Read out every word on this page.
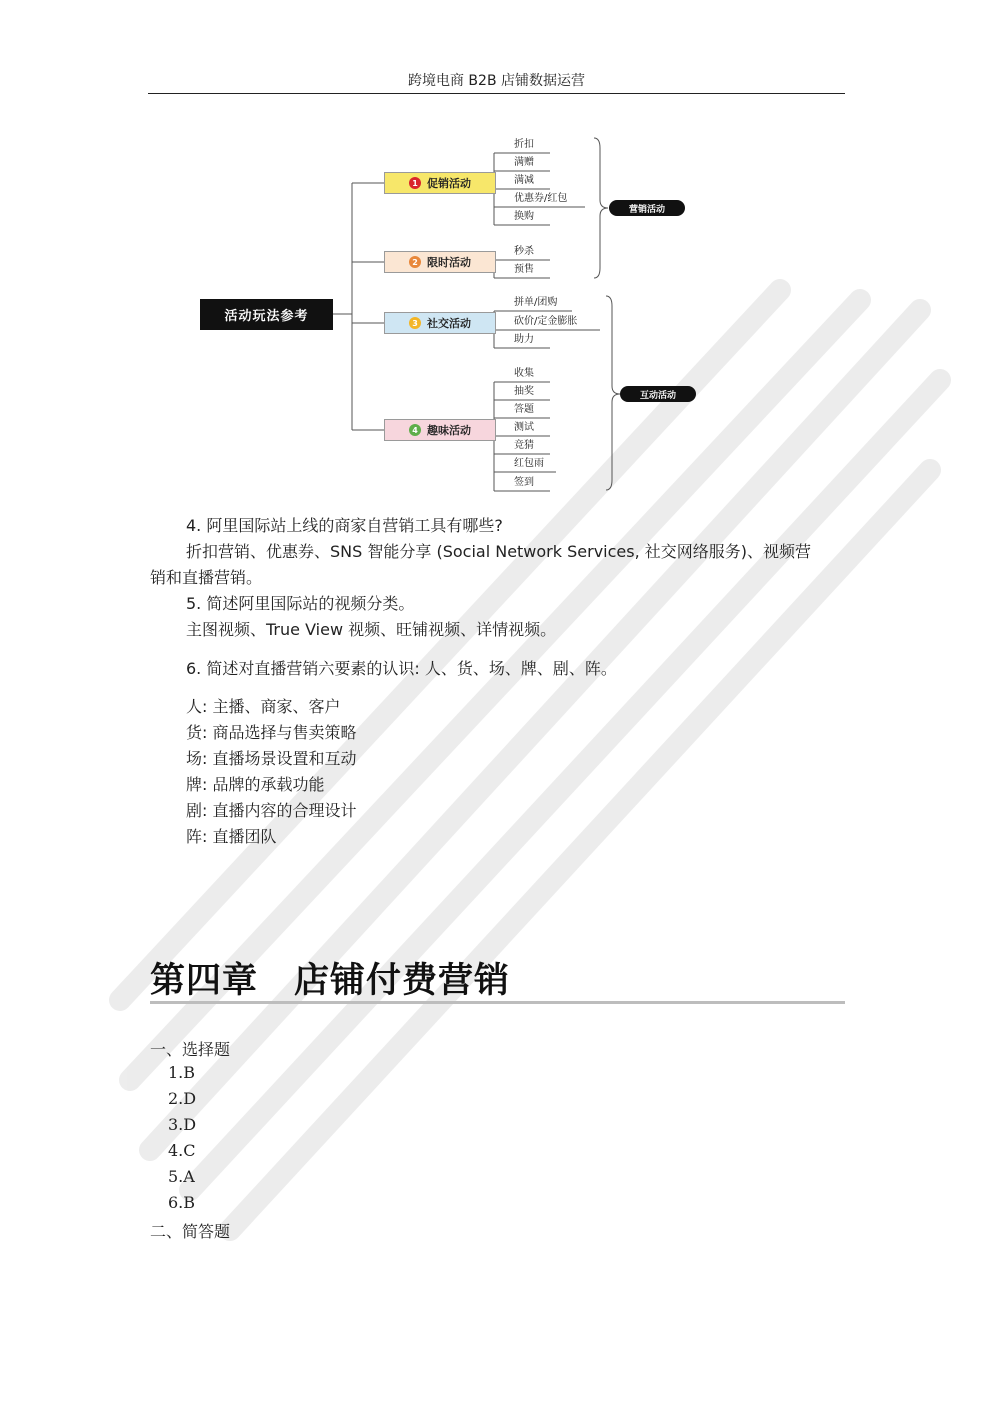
跨境电商 B2B 店铺数据运营
活动玩法参考
1 促销活动
2 限时活动
3 社交活动
4 趣味活动
折扣
满赠
满减
优惠券/红包
换购
秒杀
预售
拼单/团购
砍价/定金膨胀
助力
收集
抽奖
答题
测试
竞猜
红包雨
签到
营销活动
互动活动
4. 阿里国际站上线的商家自营销工具有哪些?
折扣营销、优惠券、SNS 智能分享 (Social Network Services, 社交网络服务)、视频营
销和直播营销。
5. 简述阿里国际站的视频分类。
主图视频、True View 视频、旺铺视频、详情视频。
6. 简述对直播营销六要素的认识: 人、货、场、牌、剧、阵。
人: 主播、商家、客户
货: 商品选择与售卖策略
场: 直播场景设置和互动
牌: 品牌的承载功能
剧: 直播内容的合理设计
阵: 直播团队
第四章 店铺付费营销
一、选择题
1.B
2.D
3.D
4.C
5.A
6.B
二、简答题
